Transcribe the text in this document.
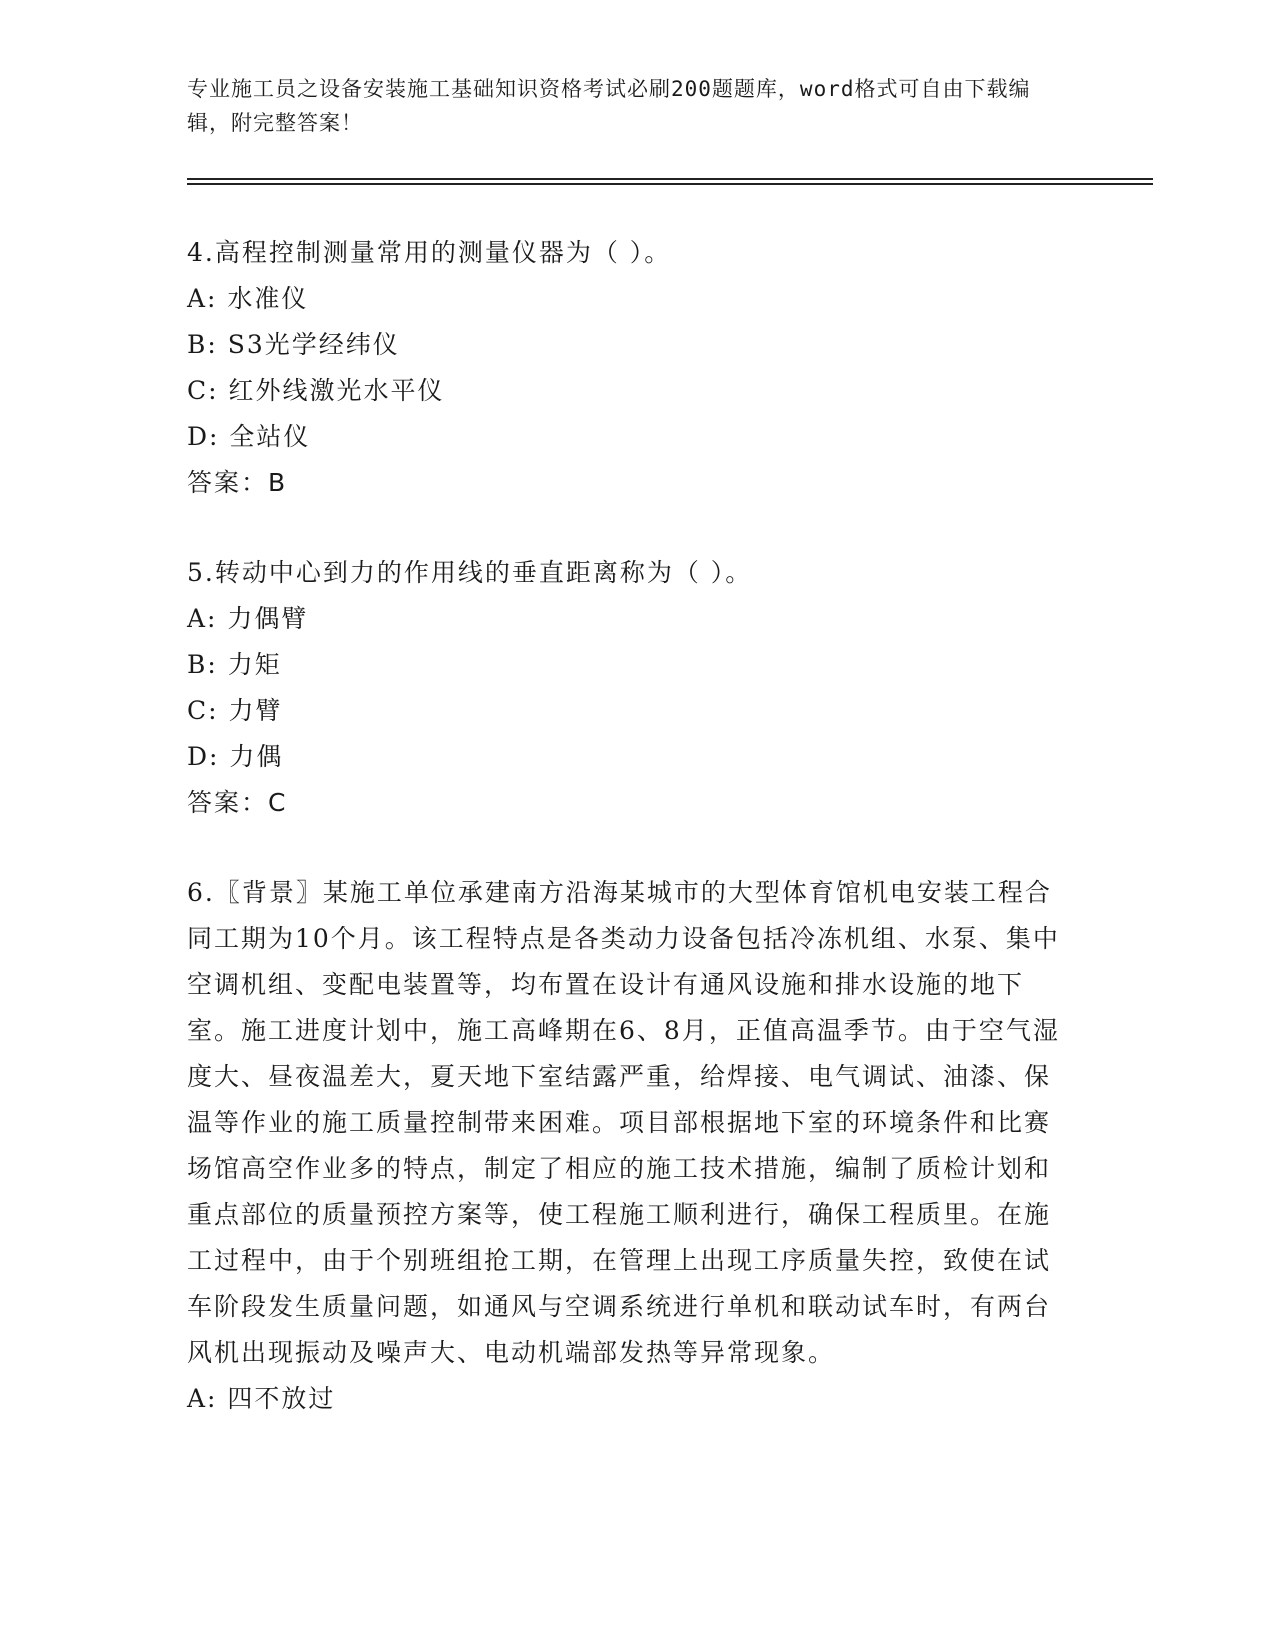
专业施工员之设备安装施工基础知识资格考试必刷200题题库，word格式可自由下载编辑，附完整答案！
4.高程控制测量常用的测量仪器为（ ）。
A: 水准仪
B: S3光学经纬仪
C: 红外线激光水平仪
D: 全站仪
答案：B
5.转动中心到力的作用线的垂直距离称为（ ）。
A: 力偶臂
B: 力矩
C: 力臂
D: 力偶
答案：C
6.〖背景〗某施工单位承建南方沿海某城市的大型体育馆机电安装工程合同工期为10个月。该工程特点是各类动力设备包括冷冻机组、水泵、集中空调机组、变配电装置等，均布置在设计有通风设施和排水设施的地下室。施工进度计划中，施工高峰期在6、8月，正值高温季节。由于空气湿度大、昼夜温差大，夏天地下室结露严重，给焊接、电气调试、油漆、保温等作业的施工质量控制带来困难。项目部根据地下室的环境条件和比赛场馆高空作业多的特点，制定了相应的施工技术措施，编制了质检计划和重点部位的质量预控方案等，使工程施工顺利进行，确保工程质里。在施工过程中，由于个别班组抢工期，在管理上出现工序质量失控，致使在试车阶段发生质量问题，如通风与空调系统进行单机和联动试车时，有两台风机出现振动及噪声大、电动机端部发热等异常现象。
A: 四不放过
